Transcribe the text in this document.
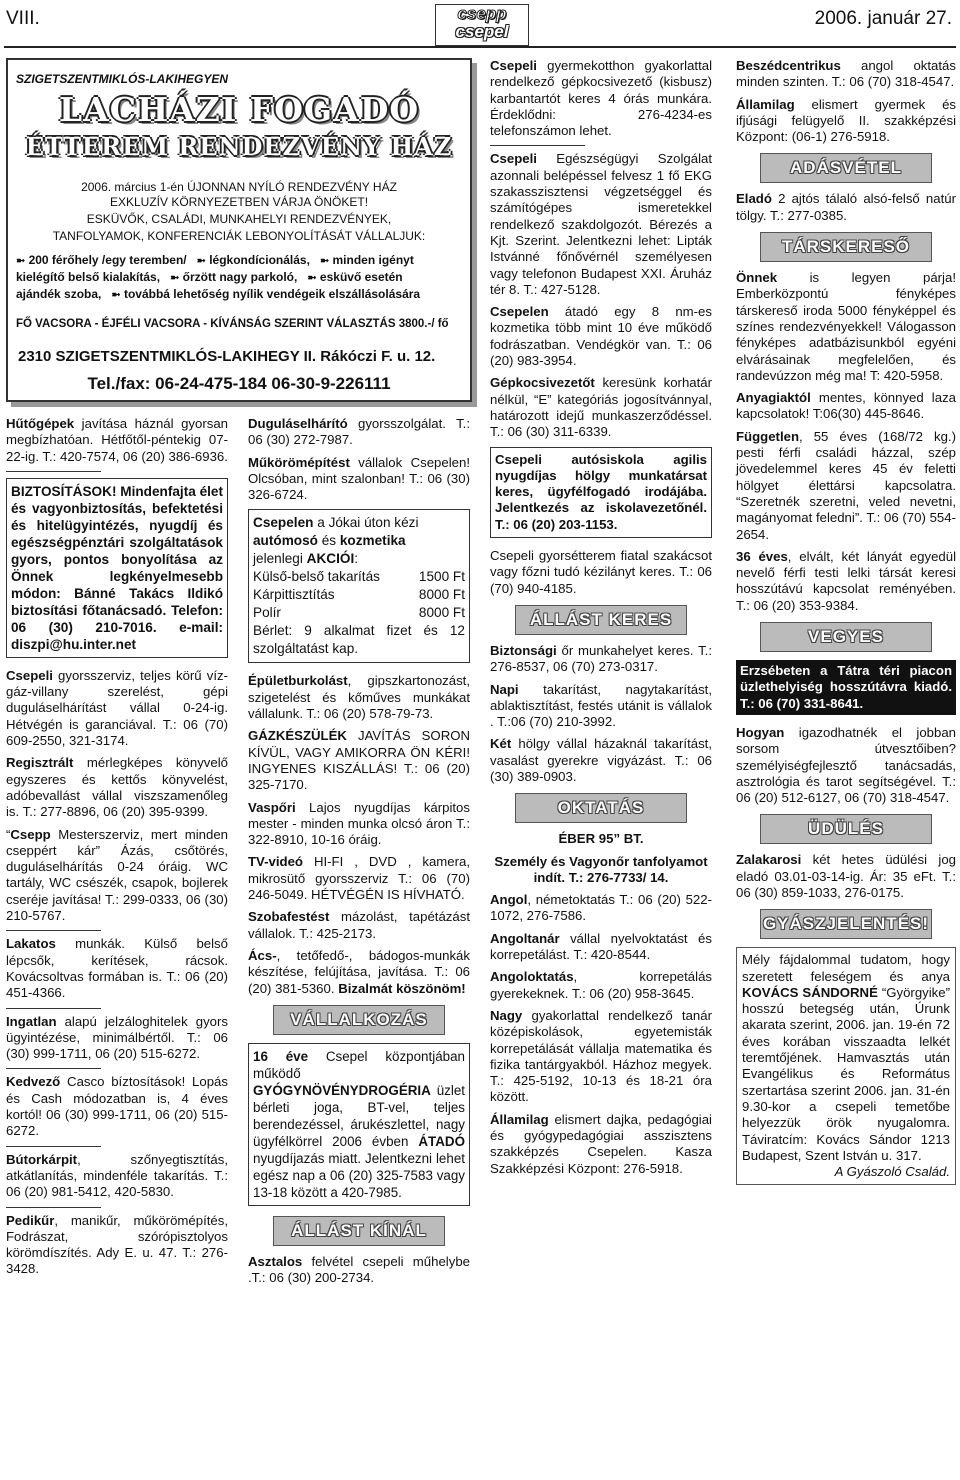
VIII.	csepp
csepel
2006. január 27.
SZIGETSZENTMIKLÓS-LAKIHEGYEN
LACHÁZI FOGADÓ
ÉTTEREM RENDEZVÉNY HÁZ
2006. március 1-én ÚJONNAN NYÍLÓ RENDEZVÉNY HÁZ
EXKLUZÍV KÖRNYEZETBEN VÁRJA ÖNÖKET!
ESKÜVŐK, CSALÁDI, MUNKAHELYI RENDEZVÉNYEK,
TANFOLYAMOK, KONFERENCIÁK LEBONYOLÍTÁSÁT VÁLLALJUK:
➼ 200 férőhely /egy teremben/ ➼ légkondícionálás, ➼ minden igényt
kielégítő belső kialakítás, ➼ őrzött nagy parkoló, ➼ esküvő esetén
ajándék szoba, ➼ továbbá lehetőség nyílik vendégeik elszállásolására
FŐ VACSORA - ÉJFÉLI VACSORA - KÍVÁNSÁG SZERINT VÁLASZTÁS 3800.-/ fő
2310 SZIGETSZENTMIKLÓS-LAKIHEGY II. Rákóczi F. u. 12.
Tel./fax: 06-24-475-184 06-30-9-226111

Hűtőgépek javítása háznál gyorsan megbízhatóan. Hétfőtől-péntekig 07-22-ig. T.: 420-7574, 06 (20) 386-6936.

BIZTOSÍTÁSOK! Mindenfajta élet és vagyonbiztosítás, befektetési és hitelügyintézés, nyugdíj és egészségpénztári szolgáltatások gyors, pontos bonyolítása az Önnek legkényelmesebb módon: Bánné Takács Ildikó biztosítási főtanácsadó. Telefon: 06 (30) 210-7016. e-mail: diszpi@hu.inter.net

Csepeli gyorsszerviz, teljes körű víz-gáz-villany szerelést, gépi duguláselhárítást vállal 0-24-ig. Hétvégén is garanciával. T.: 06 (70) 609-2550, 321-3174.

Regisztrált mérlegképes könyvelő egyszeres és kettős könyvelést, adóbevallást vállal viszszamenőleg is. T.: 277-8896, 06 (20) 395-9399.

“Csepp Mesterszerviz, mert minden cseppért kár” Ázás, csőtörés, duguláselhárítás 0-24 óráig. WC tartály, WC csészék, csapok, bojlerek cseréje javítása! T.: 299-0333, 06 (30) 210-5767.

Lakatos munkák. Külső belső lépcsők, kerítések, rácsok. Kovácsoltvas formában is. T.: 06 (20) 451-4366.

Ingatlan alapú jelzáloghitelek gyors ügyintézése, minimálbértől. T.: 06 (30) 999-1711, 06 (20) 515-6272.

Kedvező Casco bíztosítások! Lopás és Cash módozatban is, 4 éves kortól! 06 (30) 999-1711, 06 (20) 515-6272.

Bútorkárpit, szőnyegtisztítás, atkátlanítás, mindenféle takarítás. T.: 06 (20) 981-5412, 420-5830.

Pedikűr, manikűr, műkörömépítés, Fodrászat, szórópisztolyos körömdíszítés. Ady E. u. 47. T.: 276-3428.

Duguláselhárító gyorsszolgálat. T.: 06 (30) 272-7987.

Műkörömépítést vállalok Csepelen! Olcsóban, mint szalonban! T.: 06 (30) 326-6724.

Csepelen a Jókai úton kézi
autómosó és kozmetika
jelenlegi AKCIÓI:
Külső-belső takarítás	1500 Ft
Kárpittisztítás	8000 Ft
Polír	8000 Ft
Bérlet: 9 alkalmat fizet és 12 szolgáltatást kap.

Épületburkolást, gipszkartonozást, szigetelést és kőműves munkákat vállalunk. T.: 06 (20) 578-79-73.

GÁZKÉSZÜLÉK JAVÍTÁS SORON KÍVÜL, VAGY AMIKORRA ÖN KÉRI! INGYENES KISZÁLLÁS! T.: 06 (20) 325-7170.

Vaspőri Lajos nyugdíjas kárpitos mester - minden munka olcsó áron T.: 322-8910, 10-16 óráig.

TV-videó HI-FI , DVD , kamera, mikrosütő gyorsszerviz T.: 06 (70) 246-5049. HÉTVÉGÉN IS HÍVHATÓ.

Szobafestést mázolást, tapétázást vállalok. T.: 425-2173.

Ács-, tetőfedő-, bádogos-munkák készítése, felújítása, javítása. T.: 06 (20) 381-5360. Bizalmát köszönöm!

VÁLLALKOZÁS
16 éve Csepel központjában működő GYÓGYNÖVÉNYDROGÉRIA üzlet bérleti joga, BT-vel, teljes berendezéssel, árukészlettel, nagy ügyfélkörrel 2006 évben ÁTADÓ nyugdíjazás miatt. Jelentkezni lehet egész nap a 06 (20) 325-7583 vagy 13-18 között a 420-7985.
ÁLLÁST KÍNÁL

Asztalos felvétel csepeli műhelybe .T.: 06 (30) 200-2734.

Csepeli gyermekotthon gyakorlattal rendelkező gépkocsivezető (kisbusz) karbantartót keres 4 órás munkára. Érdeklődni: 276-4234-es telefonszámon lehet.

Csepeli Egészségügyi Szolgálat azonnali belépéssel felvesz 1 fő EKG szakasszisztensi végzetséggel és számítógépes ismeretekkel rendelkező szakdolgozót. Bérezés a Kjt. Szerint. Jelentkezni lehet: Lipták Istvánné főnővérnél személyesen vagy telefonon Budapest XXI. Áruház tér 8. T.: 427-5128.

Csepelen átadó egy 8 nm-es kozmetika több mint 10 éve működő fodrászatban. Vendégkör van. T.: 06 (20) 983-3954.

Gépkocsivezetőt keresünk korhatár nélkül, “E” kategóriás jogosítvánnyal, határozott idejű munkaszerződéssel. T.: 06 (30) 311-6339.

Csepeli autósiskola agilis nyugdíjas hölgy munkatársat keres, ügyfélfogadó irodájába. Jelentkezés az iskolavezetőnél. T.: 06 (20) 203-1153.

Csepeli gyorsétterem fiatal szakácsot vagy főzni tudó kézilányt keres. T.: 06 (70) 940-4185.

ÁLLÁST KERES

Biztonsági őr munkahelyet keres. T.: 276-8537, 06 (70) 273-0317.

Napi takarítást, nagytakarítást, ablaktisztítást, festés utánit is vállalok . T.:06 (70) 210-3992.

Két hölgy vállal házaknál takarítást, vasalást gyerekre vigyázást. T.: 06 (30) 389-0903.

OKTATÁS

ÉBER 95” BT.

Személy és Vagyonőr tanfolyamot indít. T.: 276-7733/ 14.

Angol, németoktatás T.: 06 (20) 522-1072, 276-7586.

Angoltanár vállal nyelvoktatást és korrepetálást. T.: 420-8544.

Angoloktatás, korrepetálás gyerekeknek. T.: 06 (20) 958-3645.

Nagy gyakorlattal rendelkező tanár középiskolások, egyetemisták korrepetálását vállalja matematika és fizika tantárgyakból. Házhoz megyek. T.: 425-5192, 10-13 és 18-21 óra között.

Államilag elismert dajka, pedagógiai és gyógypedagógiai asszisztens szakképzés Csepelen. Kasza Szakképzési Központ: 276-5918.

Beszédcentrikus angol oktatás minden szinten. T.: 06 (70) 318-4547.

Államilag elismert gyermek és ifjúsági felügyelő II. szakképzési Központ: (06-1) 276-5918.

ADÁSVÉTEL

Eladó 2 ajtós tálaló alsó-felső natúr tölgy. T.: 277-0385.

TÁRSKERESŐ

Önnek is legyen párja! Emberközpontú fényképes társkereső iroda 5000 fényképpel és színes rendezvényekkel! Válogasson fényképes adatbázisunkból egyéni elvárásainak megfelelően, és randevúzzon még ma! T: 420-5958.

Anyagiaktól mentes, könnyed laza kapcsolatok! T:06(30) 445-8646.

Független, 55 éves (168/72 kg.) pesti férfi családi házzal, szép jövedelemmel keres 45 év feletti hölgyet élettársi kapcsolatra. “Szeretnék szeretni, veled nevetni, magányomat feledni”. T.: 06 (70) 554-2654.

36 éves, elvált, két lányát egyedül nevelő férfi testi lelki társát keresi hosszútávú kapcsolat reményében. T.: 06 (20) 353-9384.

VEGYES
Erzsébeten a Tátra téri piacon üzlethelyiség hosszútávra kiadó. T.: 06 (70) 331-8641.

Hogyan igazodhatnék el jobban sorsom útvesztőiben? személyiségfejlesztő tanácsadás, asztrológia és tarot segítségével. T.: 06 (20) 512-6127, 06 (70) 318-4547.

ÜDÜLÉS

Zalakarosi két hetes üdülési jog eladó 03.01-03-14-ig. Ár: 35 eFt. T.: 06 (30) 859-1033, 276-0175.

GYÁSZJELENTÉS!
Mély fájdalommal tudatom, hogy szeretett feleségem és anya KOVÁCS SÁNDORNÉ “Györgyike” hosszú betegség után, Úrunk akarata szerint, 2006. jan. 19-én 72 éves korában visszaadta lelkét teremtőjének. Hamvasztás után Evangélikus és Református szertartása szerint 2006. jan. 31-én 9.30-kor a csepeli temetőbe helyezzük örök nyugalomra. Táviratcím: Kovács Sándor 1213 Budapest, Szent István u. 317.
A Gyászoló Család.
